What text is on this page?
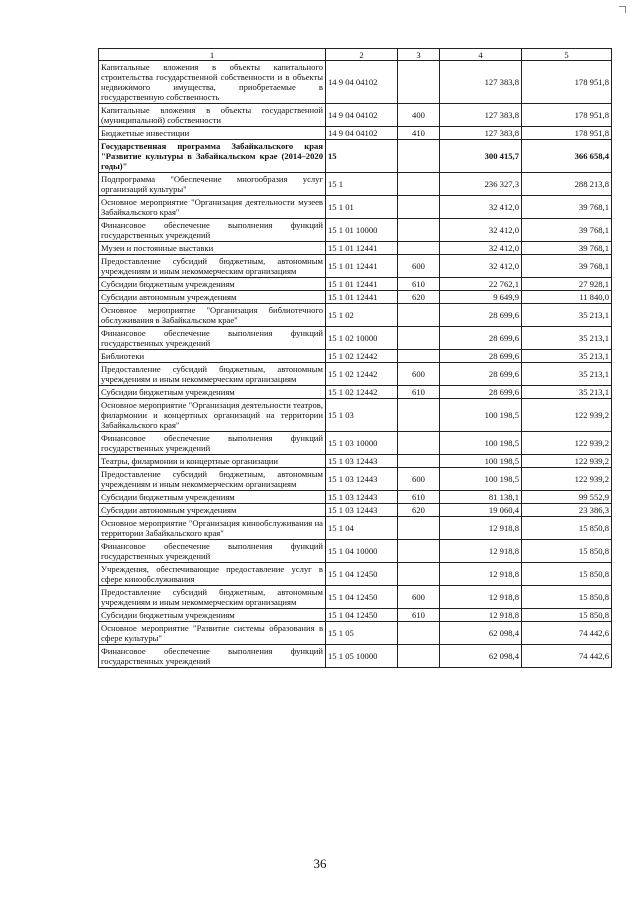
1	2	3	4	5
Капитальные вложения в объекты капитального строительства государственной собственности и в объекты недвижимого имущества, приобретаемые в государственную собственность	14 9 04 04102		127 383,8	178 951,8
Капитальные вложения в объекты государственной (муниципальной) собственности	14 9 04 04102	400	127 383,8	178 951,8
Бюджетные инвестиции	14 9 04 04102	410	127 383,8	178 951,8
Государственная программа Забайкальского края "Развитие культуры в Забайкальском крае (2014–2020 годы)"	15		300 415,7	366 658,4
Подпрограмма "Обеспечение многообразия услуг организаций культуры"	15 1		236 327,3	288 213,8
Основное мероприятие "Организация деятельности музеев Забайкальского края"	15 1 01		32 412,0	39 768,1
Финансовое обеспечение выполнения функций государственных учреждений	15 1 01 10000		32 412,0	39 768,1
Музеи и постоянные выставки	15 1 01 12441		32 412,0	39 768,1
Предоставление субсидий бюджетным, автономным учреждениям и иным некоммерческим организациям	15 1 01 12441	600	32 412,0	39 768,1
Субсидии бюджетным учреждениям	15 1 01 12441	610	22 762,1	27 928,1
Субсидии автономным учреждениям	15 1 01 12441	620	9 649,9	11 840,0
Основное мероприятие "Организация библиотечного обслуживания в Забайкальском крае"	15 1 02		28 699,6	35 213,1
Финансовое обеспечение выполнения функций государственных учреждений	15 1 02 10000		28 699,6	35 213,1
Библиотеки	15 1 02 12442		28 699,6	35 213,1
Предоставление субсидий бюджетным, автономным учреждениям и иным некоммерческим организациям	15 1 02 12442	600	28 699,6	35 213,1
Субсидии бюджетным учреждениям	15 1 02 12442	610	28 699,6	35 213,1
Основное мероприятие "Организация деятельности театров, филармонии и концертных организаций на территории Забайкальского края"	15 1 03		100 198,5	122 939,2
Финансовое обеспечение выполнения функций государственных учреждений	15 1 03 10000		100 198,5	122 939,2
Театры, филармонии и концертные организации	15 1 03 12443		100 198,5	122 939,2
Предоставление субсидий бюджетным, автономным учреждениям и иным некоммерческим организациям	15 1 03 12443	600	100 198,5	122 939,2
Субсидии бюджетным учреждениям	15 1 03 12443	610	81 138,1	99 552,9
Субсидии автономным учреждениям	15 1 03 12443	620	19 060,4	23 386,3
Основное мероприятие "Организация кинообслуживания на территории Забайкальского края"	15 1 04		12 918,8	15 850,8
Финансовое обеспечение выполнения функций государственных учреждений	15 1 04 10000		12 918,8	15 850,8
Учреждения, обеспечивающие предоставление услуг в сфере кинообслуживания	15 1 04 12450		12 918,8	15 850,8
Предоставление субсидий бюджетным, автономным учреждениям и иным некоммерческим организациям	15 1 04 12450	600	12 918,8	15 850,8
Субсидии бюджетным учреждениям	15 1 04 12450	610	12 918,8	15 850,8
Основное мероприятие "Развитие системы образования в сфере культуры"	15 1 05		62 098,4	74 442,6
Финансовое обеспечение выполнения функций государственных учреждений	15 1 05 10000		62 098,4	74 442,6
36
